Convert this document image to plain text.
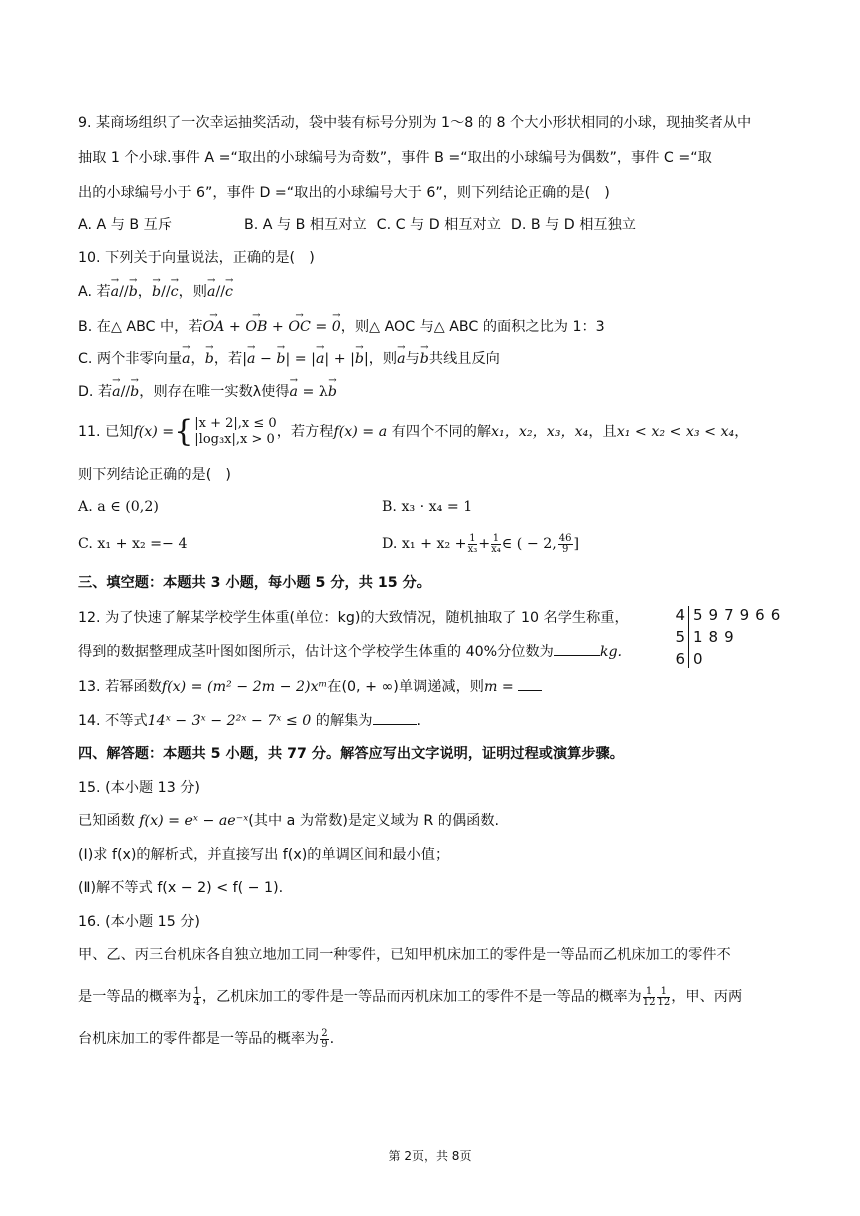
9. 某商场组织了一次幸运抽奖活动，袋中装有标号分别为 1～8 的 8 个大小形状相同的小球，现抽奖者从中
抽取 1 个小球.事件 A =“取出的小球编号为奇数”，事件 B =“取出的小球编号为偶数”，事件 C =“取
出的小球编号小于 6”，事件 D =“取出的小球编号大于 6”，则下列结论正确的是(　)
A. A 与 B 互斥	B. A 与 B 相互对立 C. C 与 D 相互对立 D. B 与 D 相互独立
10. 下列关于向量说法，正确的是(　)
A. 若→ a//→ b，→ b//→ c，则→ a//→ c
B. 在△ ABC 中，若→ OA + → OB + → OC = → 0，则△ AOC 与△ ABC 的面积之比为 1：3
C. 两个非零向量→ a，→ b，若|→ a − → b| = |→ a| + |→ b|，则→ a与→ b共线且反向
D. 若→ a//→ b，则存在唯一实数λ使得→ a = λ→ b
11. 已知f(x) ={ |x + 2|,x ≤ 0
|log₃x|,x > 0 ，若方程f(x) = a 有四个不同的解x₁，x₂，x₃，x₄，且x₁ < x₂ < x₃ < x₄，
则下列结论正确的是(　)
A. a ∈ (0,2)	B. x₃ · x₄ = 1
C. x₁ + x₂ =− 4	D. $x_1 + x_2 + \frac{1}{\text{x₃}} + \frac{1}{\text{x₄}}$ ∈ ( − 2, $\frac{46}{9}$ ]
三、填空题：本题共 3 小题，每小题 5 分，共 15 分。
12. 为了快速了解某学校学生体重(单位：kg)的大致情况，随机抽取了 10 名学生称重，
得到的数据整理成茎叶图如图所示，估计这个学校学生体重的 40%分位数为	kg.
4 597966
5 189
6 0
13. 若幂函数f(x) = (m² − 2m − 2)xᵐ在(0, + ∞)单调递减，则m =
14. 不等式14ˣ − 3ˣ − 2²ˣ − 7ˣ ≤ 0 的解集为	.
四、解答题：本题共 5 小题，共 77 分。解答应写出文字说明，证明过程或演算步骤。
15. (本小题 13 分)
已知函数 f(x) = eˣ − ae⁻ˣ(其中 a 为常数)是定义域为 R 的偶函数.
(Ⅰ)求 f(x)的解析式，并直接写出 f(x)的单调区间和最小值；
(Ⅱ)解不等式 f(x − 2) < f( − 1).
16. (本小题 15 分)
甲、乙、丙三台机床各自独立地加工同一种零件，已知甲机床加工的零件是一等品而乙机床加工的零件不
是一等品的概率为 $\frac{1}{4}$ ，乙机床加工的零件是一等品而丙机床加工的零件不是一等品的概率为 $\frac{1}{12} \frac{1}{12}$ ，甲、丙两
台机床加工的零件都是一等品的概率为 $\frac{2}{9}$ .
第 2页，共 8页
